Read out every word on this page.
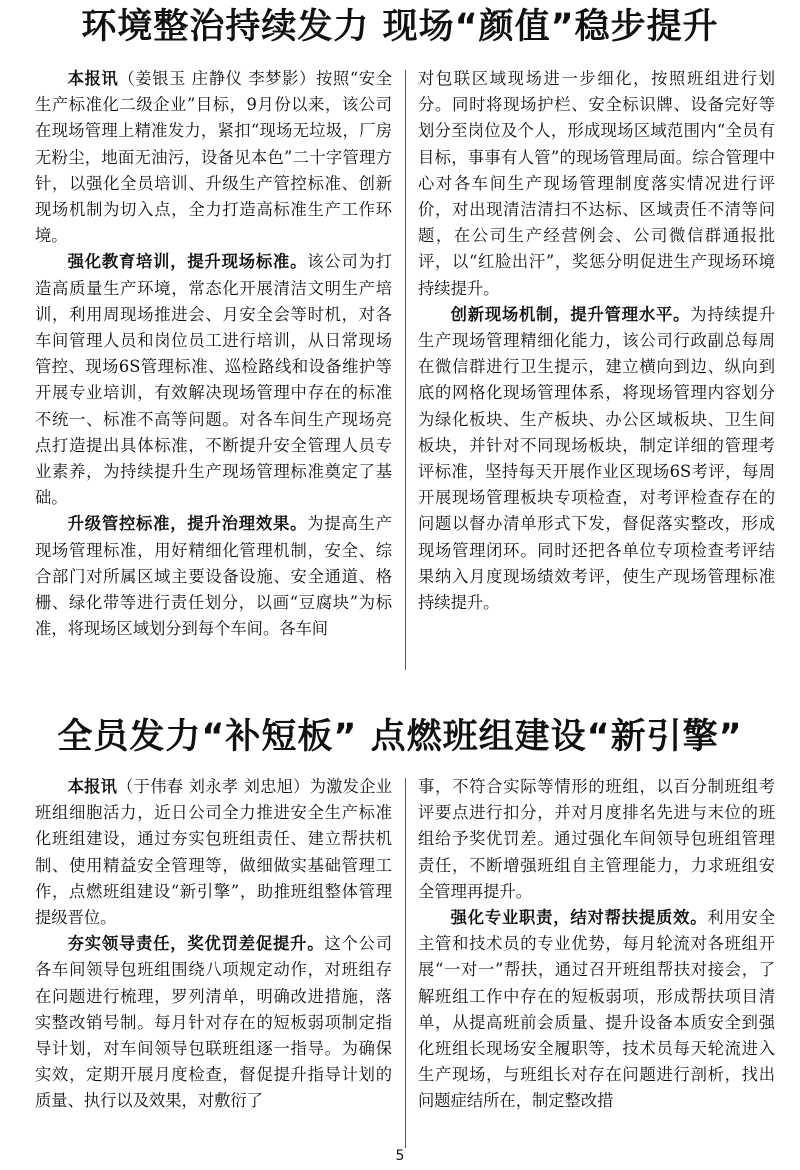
环境整治持续发力 现场“颜值”稳步提升

本报讯（姜银玉 庄静仪 李梦影）按照“安全生产标准化二级企业”目标，9月份以来，该公司在现场管理上精准发力，紧扣“现场无垃圾，厂房无粉尘，地面无油污，设备见本色”二十字管理方针，以强化全员培训、升级生产管控标准、创新现场机制为切入点，全力打造高标准生产工作环境。

强化教育培训，提升现场标准。该公司为打造高质量生产环境，常态化开展清洁文明生产培训，利用周现场推进会、月安全会等时机，对各车间管理人员和岗位员工进行培训，从日常现场管控、现场6S管理标准、巡检路线和设备维护等开展专业培训，有效解决现场管理中存在的标准不统一、标准不高等问题。对各车间生产现场亮点打造提出具体标准，不断提升安全管理人员专业素养，为持续提升生产现场管理标准奠定了基础。

升级管控标准，提升治理效果。为提高生产现场管理标准，用好精细化管理机制，安全、综合部门对所属区域主要设备设施、安全通道、格栅、绿化带等进行责任划分，以画“豆腐块”为标准，将现场区域划分到每个车间。各车间

对包联区域现场进一步细化，按照班组进行划分。同时将现场护栏、安全标识牌、设备完好等划分至岗位及个人，形成现场区域范围内“全员有目标，事事有人管”的现场管理局面。综合管理中心对各车间生产现场管理制度落实情况进行评价，对出现清洁清扫不达标、区域责任不清等问题，在公司生产经营例会、公司微信群通报批评，以“红脸出汗”，奖惩分明促进生产现场环境持续提升。

创新现场机制，提升管理水平。为持续提升生产现场管理精细化能力，该公司行政副总每周在微信群进行卫生提示，建立横向到边、纵向到底的网格化现场管理体系，将现场管理内容划分为绿化板块、生产板块、办公区域板块、卫生间板块，并针对不同现场板块，制定详细的管理考评标准，坚持每天开展作业区现场6S考评，每周开展现场管理板块专项检查，对考评检查存在的问题以督办清单形式下发，督促落实整改，形成现场管理闭环。同时还把各单位专项检查考评结果纳入月度现场绩效考评，使生产现场管理标准持续提升。

全员发力“补短板” 点燃班组建设“新引擎”

本报讯（于伟春 刘永孝 刘忠旭）为激发企业班组细胞活力，近日公司全力推进安全生产标准化班组建设，通过夯实包班组责任、建立帮扶机制、使用精益安全管理等，做细做实基础管理工作，点燃班组建设“新引擎”，助推班组整体管理提级晋位。

夯实领导责任，奖优罚差促提升。这个公司各车间领导包班组围绕八项规定动作，对班组存在问题进行梳理，罗列清单，明确改进措施，落实整改销号制。每月针对存在的短板弱项制定指导计划，对车间领导包联班组逐一指导。为确保实效，定期开展月度检查，督促提升指导计划的质量、执行以及效果，对敷衍了

事，不符合实际等情形的班组，以百分制班组考评要点进行扣分，并对月度排名先进与末位的班组给予奖优罚差。通过强化车间领导包班组管理责任，不断增强班组自主管理能力，力求班组安全管理再提升。

强化专业职责，结对帮扶提质效。利用安全主管和技术员的专业优势，每月轮流对各班组开展“一对一”帮扶，通过召开班组帮扶对接会，了解班组工作中存在的短板弱项，形成帮扶项目清单，从提高班前会质量、提升设备本质安全到强化班组长现场安全履职等，技术员每天轮流进入生产现场，与班组长对存在问题进行剖析，找出问题症结所在，制定整改措

5
